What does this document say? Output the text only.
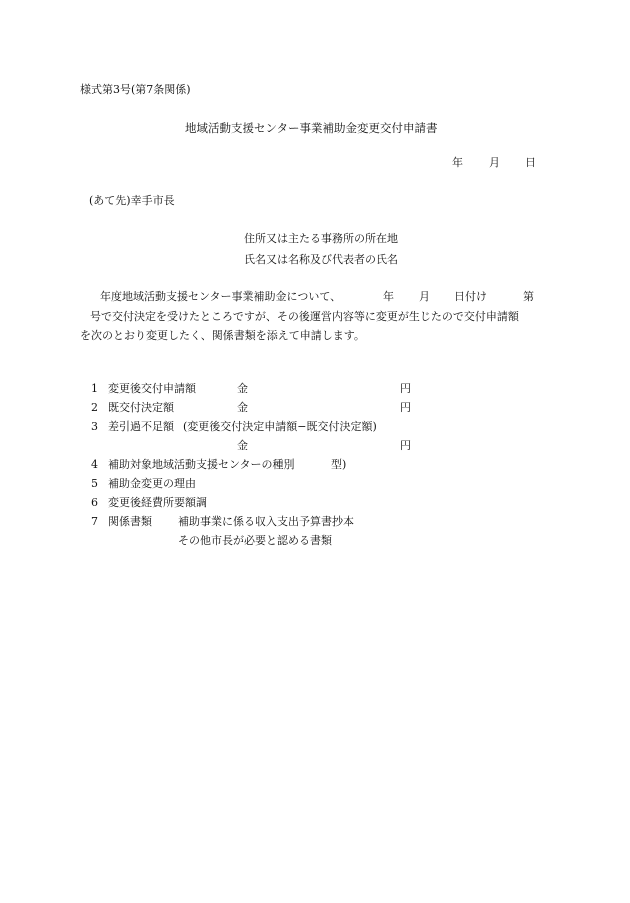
様式第3号(第7条関係)
地域活動支援センター事業補助金変更交付申請書
年 月 日
(あて先)幸手市長
住所又は主たる事務所の所在地
氏名又は名称及び代表者の氏名
年度地域活動支援センター事業補助金について、	年 月 日付け	第
号で交付決定を受けたところですが、その後運営内容等に変更が生じたので交付申請額
を次のとおり変更したく、関係書類を添えて申請します。
1 変更後交付申請額	金	円
2 既交付決定額	金	円
3 差引過不足額 (変更後交付決定申請額−既交付決定額)
金	円
4 補助対象地域活動支援センターの種別	型)
5 補助金変更の理由
6 変更後経費所要額調
7 関係書類 補助事業に係る収入支出予算書抄本
その他市長が必要と認める書類
